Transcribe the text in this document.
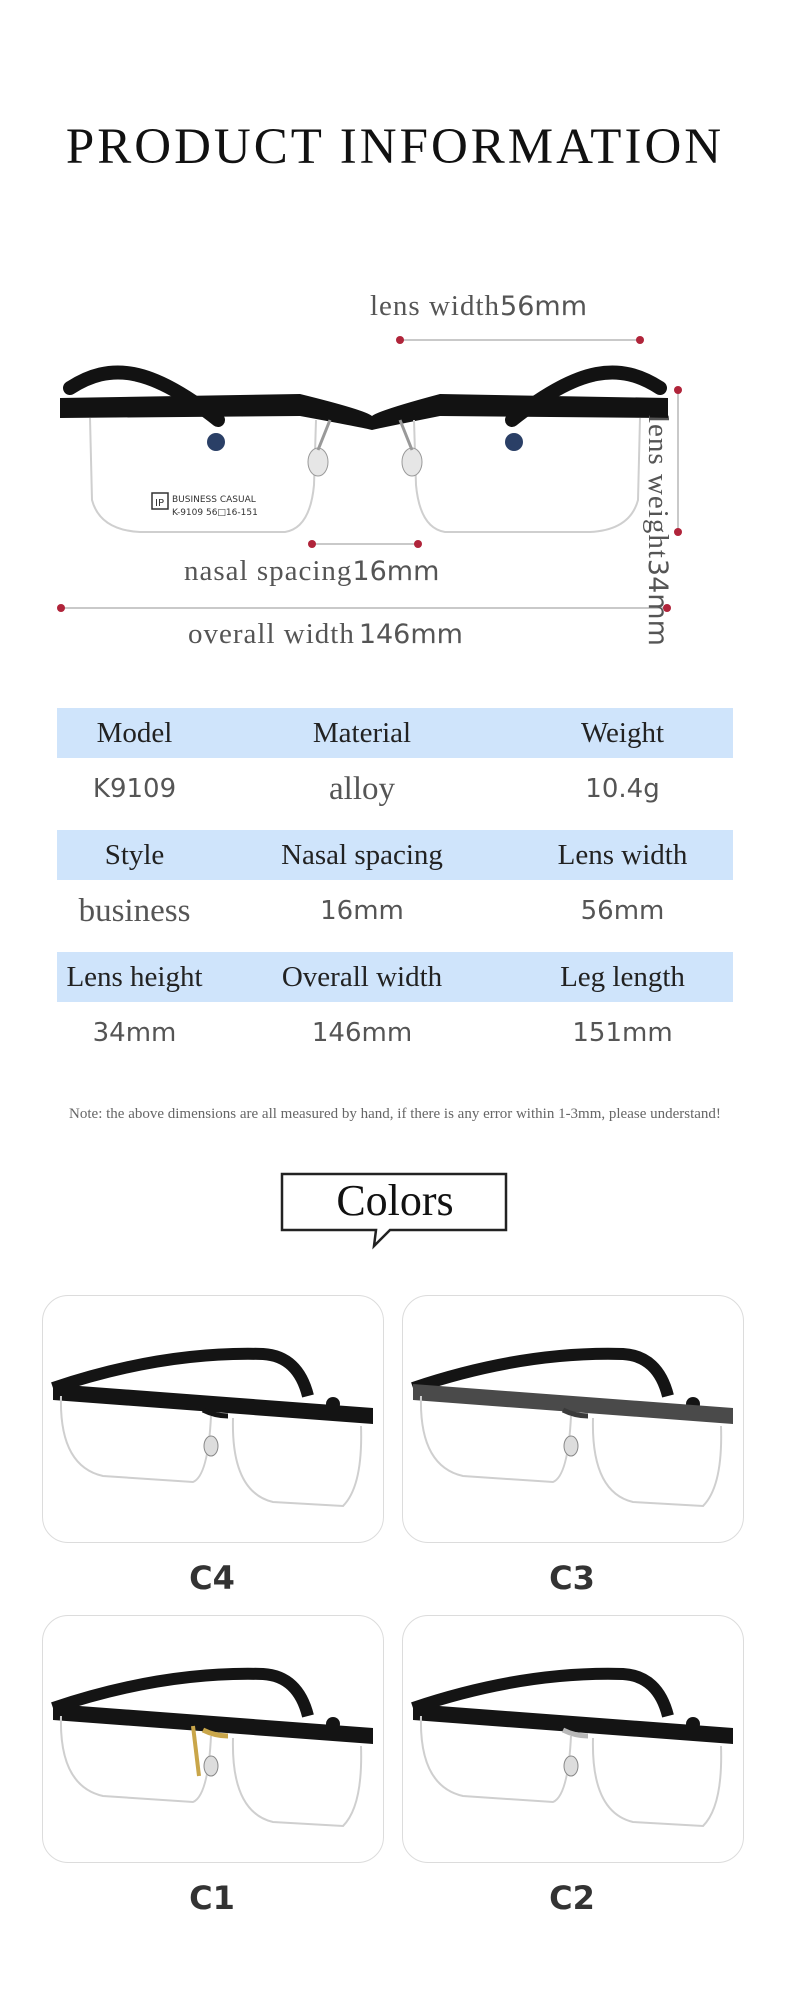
PRODUCT INFORMATION
IP BUSINESS CASUAL
K-9109 56□16-151
lens width56mm
lens weight34mm
nasal spacing16mm
overall width 146mm
Model	Material	Weight
K9109	alloy	10.4g
Style	Nasal spacing	Lens width
business	16mm	56mm
Lens height	Overall width	Leg length
34mm	146mm	151mm
Note: the above dimensions are all measured by hand, if there is any error within 1-3mm, please understand!
Colors
C4	C3
C1	C2
